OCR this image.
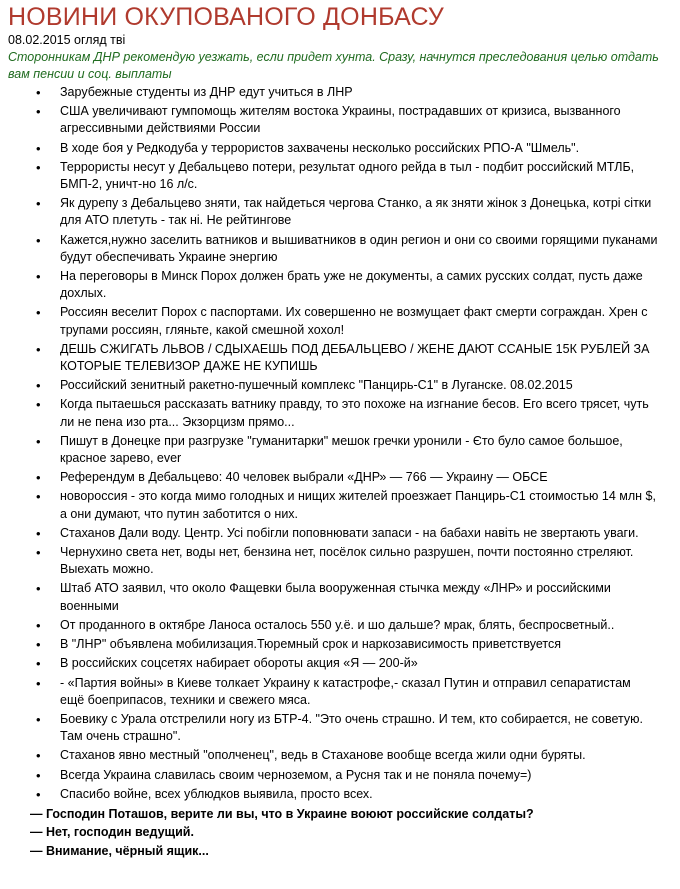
НОВИНИ ОКУПОВАНОГО ДОНБАСУ
08.02.2015 огляд тві
Сторонникам ДНР рекомендую уезжать, если придет хунта. Сразу, начнутся преследования целью отдать вам пенсии и соц. выплаты
• Зарубежные студенты из ДНР едут учиться в ЛНР
• США увеличивают гумпомощь жителям востока Украины, пострадавших от кризиса, вызванного агрессивными действиями России
• В ходе боя у Редкодуба у террористов захвачены несколько российских РПО-А "Шмель".
• Террористы несут у Дебальцево потери, результат одного рейда в тыл - подбит российский МТЛБ, БМП-2, уничт-но 16 л/с.
• Як дурепу з Дебальцево зняти, так найдеться чергова Станко, а як зняти жінок з Донецька, котрі сітки для АТО плетуть - так ні. Не рейтингове
• Кажется,нужно заселить ватников и вышиватников в один регион и они со своими горящими пуканами будут обеспечивать Украине энергию
• На переговоры в Минск Порох должен брать уже не документы, а самих русских солдат, пусть даже дохлых.
• Россиян веселит Порох с паспортами. Их совершенно не возмущает факт смерти сограждан. Хрен с трупами россиян, гляньте, какой смешной хохол!
• ДЕШЬ СЖИГАТЬ ЛЬВОВ / СДЫХАЕШЬ ПОД ДЕБАЛЬЦЕВО / ЖЕНЕ ДАЮТ ССАНЫЕ 15К РУБЛЕЙ ЗА КОТОРЫЕ ТЕЛЕВИЗОР ДАЖЕ НЕ КУПИШЬ
• Российский зенитный ракетно-пушечный комплекс "Панцирь-С1" в Луганске. 08.02.2015
• Когда пытаешься рассказать ватнику правду, то это похоже на изгнание бесов. Его всего трясет, чуть ли не пена изо рта... Экзорцизм прямо...
• Пишут в Донецке при разгрузке "гуманитарки" мешок гречки уронили - Єто було самое большое, красное зарево, ever
• Референдум в Дебальцево: 40 человек выбрали «ДНР» — 766 — Украину — ОБСЕ
• новороссия - это когда мимо голодных и нищих жителей проезжает Панцирь-С1 стоимостью 14 млн $, а они думают, что путин заботится о них.
• Стаханов Дали воду. Центр. Усі побігли поповнювати запаси - на бабахи навіть не звертають уваги.
• Чернухино света нет, воды нет, бензина нет, посёлок сильно разрушен, почти постоянно стреляют. Выехать можно.
• Штаб АТО заявил, что около Фащевки была вооруженная стычка между «ЛНР» и российскими военными
• От проданного в октябре Ланоса осталось 550 у.ё. и шо дальше? мрак, блять, беспросветный..
• В "ЛНР" объявлена мобилизация.Тюремный срок и наркозависимость приветствуется
• В российских соцсетях набирает обороты акция «Я — 200-й»
• - «Партия войны» в Киеве толкает Украину к катастрофе,- сказал Путин и отправил сепаратистам ещё боеприпасов, техники и свежего мяса.
• Боевику с Урала отстрелили ногу из БТР-4. "Это очень страшно. И тем, кто собирается, не советую. Там очень страшно".
• Стаханов явно местный "ополченец", ведь в Стаханове вообще всегда жили одни буряты.
• Всегда Украина славилась своим черноземом, а Русня так и не поняла почему=)
• Спасибо войне, всех ублюдков выявила, просто всех.
— Господин Поташов, верите ли вы, что в Украине воюют российские солдаты?
— Нет, господин ведущий.
— Внимание, чёрный ящик...
